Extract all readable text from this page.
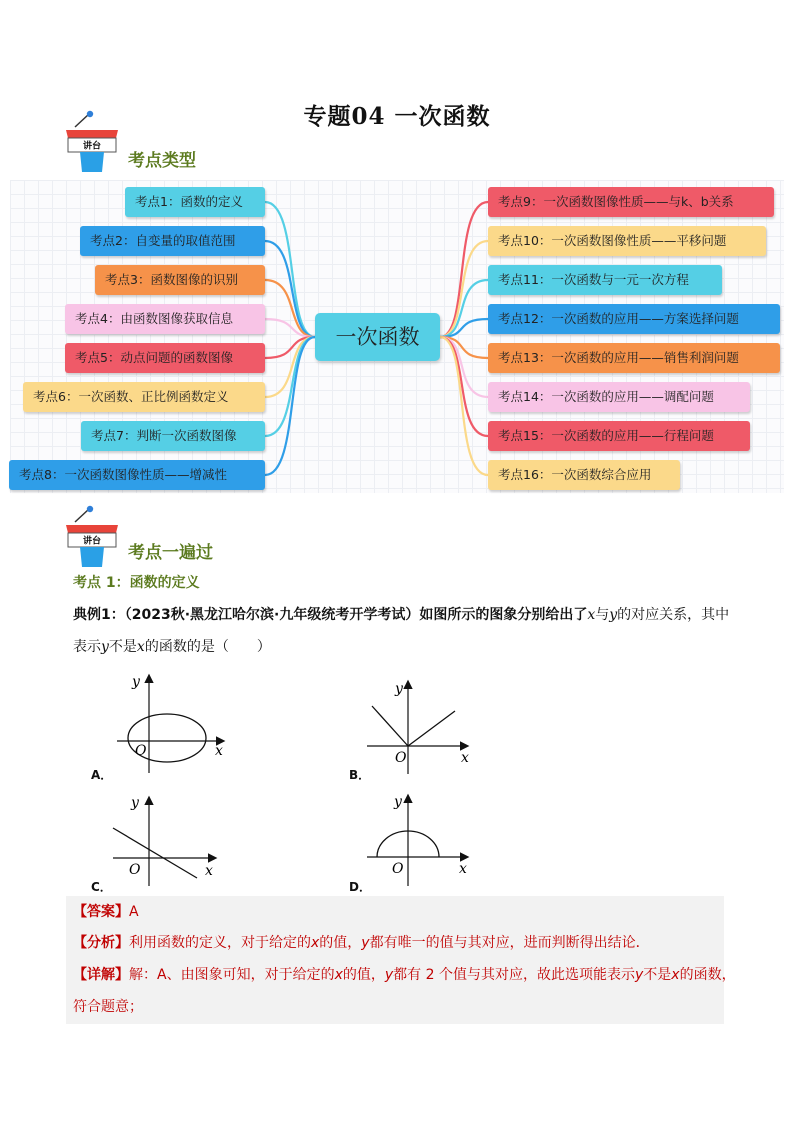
专题04 一次函数
讲台
考点类型
考点1：函数的定义
考点2：自变量的取值范围
考点3：函数图像的识别
考点4：由函数图像获取信息
考点5：动点问题的函数图像
考点6：一次函数、正比例函数定义
考点7：判断一次函数图像
考点8：一次函数图像性质——增减性
考点9：一次函数图像性质——与k、b关系
考点10：一次函数图像性质——平移问题
考点11：一次函数与一元一次方程
考点12：一次函数的应用——方案选择问题
考点13：一次函数的应用——销售利润问题
考点14：一次函数的应用——调配问题
考点15：一次函数的应用——行程问题
考点16：一次函数综合应用
一次函数
讲台
考点一遍过
考点 1：函数的定义
典例1：（2023秋·黑龙江哈尔滨·九年级统考开学考试）如图所示的图象分别给出了x与y的对应关系，其中
表示y不是x的函数的是（　　）
x
y
O
A．
x
y
O
B．
x
y
O
C．
x
y
O
D．
【答案】A
【分析】利用函数的定义，对于给定的x的值，y都有唯一的值与其对应，进而判断得出结论．
【详解】解：A、由图象可知，对于给定的x的值，y都有 2 个值与其对应，故此选项能表示y不是x的函数，
符合题意；
